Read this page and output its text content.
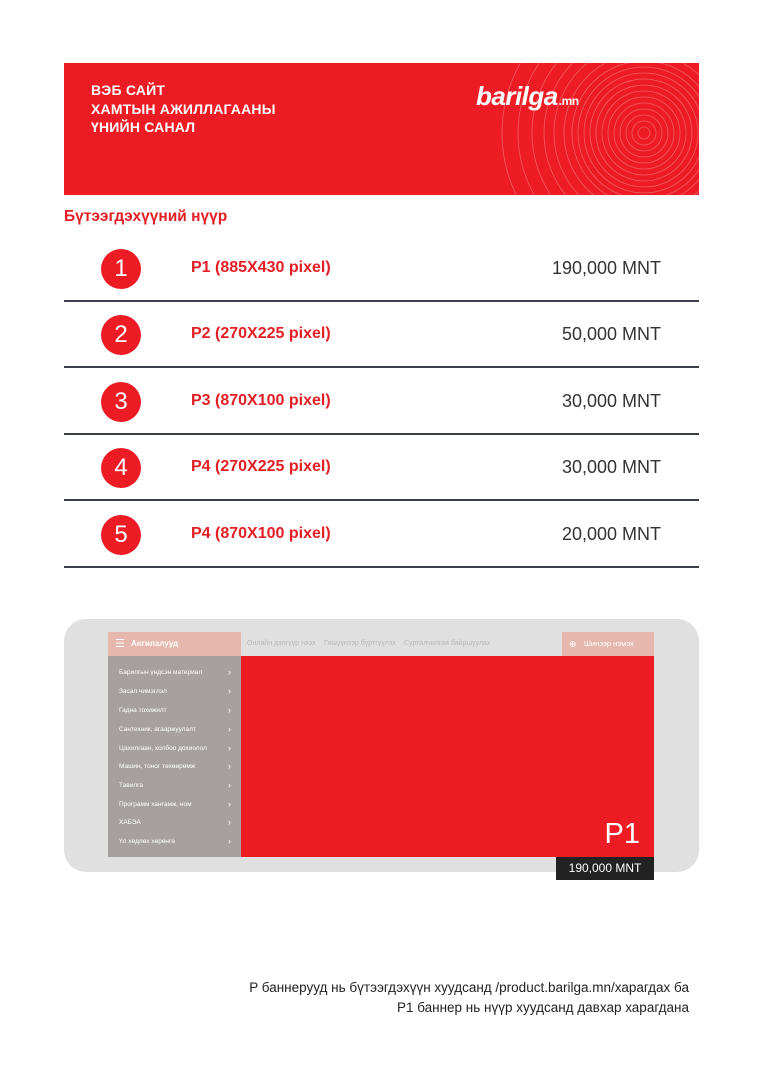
ВЭБ САЙТ
ХАМТЫН АЖИЛЛАГААНЫ
ҮНИЙН САНАЛ
barilga.mn
Бүтээгдэхүүний нүүр
1	P1 (885X430 pixel)	190,000 MNT
2	P2 (270X225 pixel)	50,000 MNT
3	P3 (870X100 pixel)	30,000 MNT
4	P4 (270X225 pixel)	30,000 MNT
5	P4 (870X100 pixel)	20,000 MNT
☰ Ангилалууд	Онлайн дэлгүүр нээх Гишүүнээр бүртгүүлэх Сурталчилгаа байршуулах	⊕ Шинээр нэмэх
Барилгын үндсэн материал	›
Засал чимэглэл	›
Гадна тохижилт	›
Сантехник, агааржуулалт	›
Цахилгаан, холбоо дохиолол ›
Машин, тоног төхөөрөмж	›
Тавилга	›
Программ хангамж, ном	›
ХАБЭА	›
Үл хөдлөх хөрөнгө	›	P1
190,000 MNT
P баннерууд нь бүтээгдэхүүн хуудсанд /product.barilga.mn/харагдах ба
P1 баннер нь нүүр хуудсанд давхар харагдана
